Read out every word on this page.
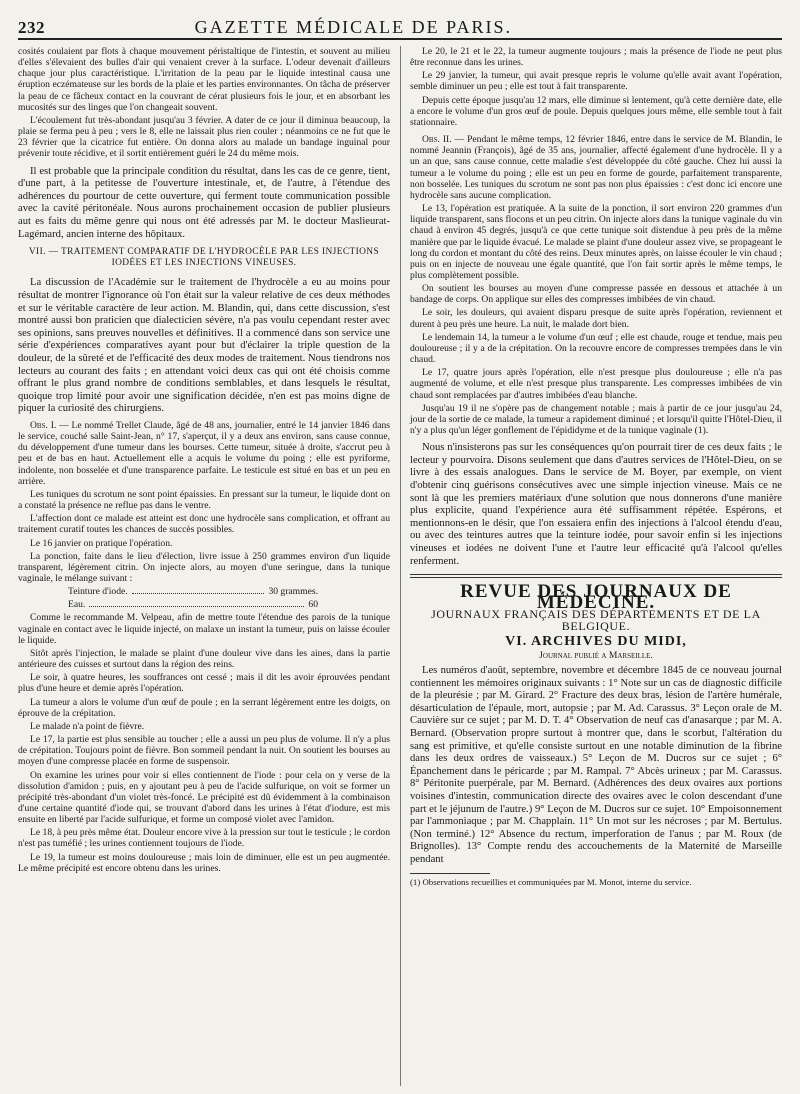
232	GAZETTE MÉDICALE DE PARIS.

cosités coulaient par flots à chaque mouvement péristaltique de l'intestin, et souvent au milieu d'elles s'élevaient des bulles d'air qui venaient crever à la surface. L'odeur devenait d'ailleurs chaque jour plus caractéristique. L'irritation de la peau par le liquide intestinal causa une éruption eczémateuse sur les bords de la plaie et les parties environnantes. On tâcha de préserver la peau de ce fâcheux contact en la couvrant de cérat plusieurs fois le jour, et en absorbant les mucosités sur des linges que l'on changeait souvent.

L'écoulement fut très-abondant jusqu'au 3 février. A dater de ce jour il diminua beaucoup, la plaie se ferma peu à peu ; vers le 8, elle ne laissait plus rien couler ; néanmoins ce ne fut que le 23 février que la cicatrice fut entière. On donna alors au malade un bandage inguinal pour prévenir toute récidive, et il sortit entièrement guéri le 24 du même mois.

Il est probable que la principale condition du résultat, dans les cas de ce genre, tient, d'une part, à la petitesse de l'ouverture intestinale, et, de l'autre, à l'étendue des adhérences du pourtour de cette ouverture, qui ferment toute communication possible avec la cavité péritonéale. Nous aurons prochainement occasion de publier plusieurs aut es faits du même genre qui nous ont été adressés par M. le docteur Maslieurat-Lagémard, ancien interne des hôpitaux.

VII. — TRAITEMENT COMPARATIF DE L'HYDROCÈLE PAR LES INJECTIONS IODÉES ET LES INJECTIONS VINEUSES.

La discussion de l'Académie sur le traitement de l'hydrocèle a eu au moins pour résultat de montrer l'ignorance où l'on était sur la valeur relative de ces deux méthodes et sur le véritable caractère de leur action. M. Blandin, qui, dans cette discussion, s'est montré aussi bon praticien que dialecticien sévère, n'a pas voulu cependant rester avec ses opinions, sans preuves nouvelles et définitives. Il a commencé dans son service une série d'expériences comparatives ayant pour but d'éclairer la triple question de la douleur, de la sûreté et de l'efficacité des deux modes de traitement. Nous tiendrons nos lecteurs au courant des faits ; en attendant voici deux cas qui ont été choisis comme offrant le plus grand nombre de conditions semblables, et dans lesquels le résultat, quoique trop limité pour avoir une signification décidée, n'en est pas moins digne de piquer la curiosité des chirurgiens.

Obs. I. — Le nommé Trellet Claude, âgé de 48 ans, journalier, entré le 14 janvier 1846 dans le service, couché salle Saint-Jean, n° 17, s'aperçut, il y a deux ans environ, sans cause connue, du développement d'une tumeur dans les bourses. Cette tumeur, située à droite, s'accrut peu à peu et de bas en haut. Actuellement elle a acquis le volume du poing ; elle est pyriforme, indolente, non bosselée et d'une transparence parfaite. Le testicule est situé en bas et un peu en arrière.

Les tuniques du scrotum ne sont point épaissies. En pressant sur la tumeur, le liquide dont on a constaté la présence ne reflue pas dans le ventre.

L'affection dont ce malade est atteint est donc une hydrocèle sans complication, et offrant au traitement curatif toutes les chances de succès possibles.

Le 16 janvier on pratique l'opération.

La ponction, faite dans le lieu d'élection, livre issue à 250 grammes environ d'un liquide transparent, légèrement citrin. On injecte alors, au moyen d'une seringue, dans la tunique vaginale, le mélange suivant :

Teinture d'iode.	30 grammes.
Eau.	60

Comme le recommande M. Velpeau, afin de mettre toute l'étendue des parois de la tunique vaginale en contact avec le liquide injecté, on malaxe un instant la tumeur, puis on laisse écouler le liquide.

Sitôt après l'injection, le malade se plaint d'une douleur vive dans les aines, dans la partie antérieure des cuisses et surtout dans la région des reins.

Le soir, à quatre heures, les souffrances ont cessé ; mais il dit les avoir éprouvées pendant plus d'une heure et demie après l'opération.

La tumeur a alors le volume d'un œuf de poule ; en la serrant légèrement entre les doigts, on éprouve de la crépitation.

Le malade n'a point de fièvre.

Le 17, la partie est plus sensible au toucher ; elle a aussi un peu plus de volume. Il n'y a plus de crépitation. Toujours point de fièvre. Bon sommeil pendant la nuit. On soutient les bourses au moyen d'une compresse placée en forme de suspensoir.

On examine les urines pour voir si elles contiennent de l'iode : pour cela on y verse de la dissolution d'amidon ; puis, en y ajoutant peu à peu de l'acide sulfurique, on voit se former un précipité très-abondant d'un violet très-foncé. Le précipité est dû évidemment à la combinaison d'une certaine quantité d'iode qui, se trouvant d'abord dans les urines à l'état d'iodure, est mis ensuite en liberté par l'acide sulfurique, et forme un composé violet avec l'amidon.

Le 18, à peu près même état. Douleur encore vive à la pression sur tout le testicule ; le cordon n'est pas tuméfié ; les urines contiennent toujours de l'iode.

Le 19, la tumeur est moins douloureuse ; mais loin de diminuer, elle est un peu augmentée. Le même précipité est encore obtenu dans les urines.

Le 20, le 21 et le 22, la tumeur augmente toujours ; mais la présence de l'iode ne peut plus être reconnue dans les urines.

Le 29 janvier, la tumeur, qui avait presque repris le volume qu'elle avait avant l'opération, semble diminuer un peu ; elle est tout à fait transparente.

Depuis cette époque jusqu'au 12 mars, elle diminue si lentement, qu'à cette dernière date, elle a encore le volume d'un gros œuf de poule. Depuis quelques jours même, elle semble tout à fait stationnaire.

Obs. II. — Pendant le même temps, 12 février 1846, entre dans le service de M. Blandin, le nommé Jeannin (François), âgé de 35 ans, journalier, affecté également d'une hydrocèle. Il y a un an que, sans cause connue, cette maladie s'est développée du côté gauche. Chez lui aussi la tumeur a le volume du poing ; elle est un peu en forme de gourde, parfaitement transparente, non bosselée. Les tuniques du scrotum ne sont pas non plus épaissies : c'est donc ici encore une hydrocèle sans aucune complication.

Le 13, l'opération est pratiquée. A la suite de la ponction, il sort environ 220 grammes d'un liquide transparent, sans flocons et un peu citrin. On injecte alors dans la tunique vaginale du vin chaud à environ 45 degrés, jusqu'à ce que cette tunique soit distendue à peu près de la même manière que par le liquide évacué. Le malade se plaint d'une douleur assez vive, se propageant le long du cordon et montant du côté des reins. Deux minutes après, on laisse écouler le vin chaud ; puis on en injecte de nouveau une égale quantité, que l'on fait sortir après le même temps, le plus complètement possible.

On soutient les bourses au moyen d'une compresse passée en dessous et attachée à un bandage de corps. On applique sur elles des compresses imbibées de vin chaud.

Le soir, les douleurs, qui avaient disparu presque de suite après l'opération, reviennent et durent à peu près une heure. La nuit, le malade dort bien.

Le lendemain 14, la tumeur a le volume d'un œuf ; elle est chaude, rouge et tendue, mais peu douloureuse ; il y a de la crépitation. On la recouvre encore de compresses trempées dans le vin chaud.

Le 17, quatre jours après l'opération, elle n'est presque plus douloureuse ; elle n'a pas augmenté de volume, et elle n'est presque plus transparente. Les compresses imbibées de vin chaud sont remplacées par d'autres imbibées d'eau blanche.

Jusqu'au 19 il ne s'opère pas de changement notable ; mais à partir de ce jour jusqu'au 24, jour de la sortie de ce malade, la tumeur a rapidement diminué ; et lorsqu'il quitte l'Hôtel-Dieu, il n'y a plus qu'un léger gonflement de l'épididyme et de la tunique vaginale (1).

Nous n'insisterons pas sur les conséquences qu'on pourrait tirer de ces deux faits ; le lecteur y pourvoira. Disons seulement que dans d'autres services de l'Hôtel-Dieu, on se livre à des essais analogues. Dans le service de M. Boyer, par exemple, on vient d'obtenir cinq guérisons consécutives avec une simple injection vineuse. Mais ce ne sont là que les premiers matériaux d'une solution que nous donnerons d'une manière plus explicite, quand l'expérience aura été suffisamment répétée. Espérons, et mentionnons-en le désir, que l'on essaiera enfin des injections à l'alcool étendu d'eau, ou avec des teintures autres que la teinture iodée, pour savoir enfin si les injections vineuses et iodées ne doivent l'une et l'autre leur efficacité qu'à l'alcool qu'elles renferment.

REVUE DES JOURNAUX DE MÉDECINE.
JOURNAUX FRANÇAIS DES DÉPARTEMENTS ET DE LA BELGIQUE.
VI. ARCHIVES DU MIDI,
Journal publié a Marseille.

Les numéros d'août, septembre, novembre et décembre 1845 de ce nouveau journal contiennent les mémoires originaux suivants : 1° Note sur un cas de diagnostic difficile de la pleurésie ; par M. Girard. 2° Fracture des deux bras, lésion de l'artère humérale, désarticulation de l'épaule, mort, autopsie ; par M. Ad. Carassus. 3° Leçon orale de M. Cauvière sur ce sujet ; par M. D. T. 4° Observation de neuf cas d'anasarque ; par M. A. Bernard. (Observation propre surtout à montrer que, dans le scorbut, l'altération du sang est primitive, et qu'elle consiste surtout en une notable diminution de la fibrine dans les deux ordres de vaisseaux.) 5° Leçon de M. Ducros sur ce sujet ; 6° Épanchement dans le péricarde ; par M. Rampal. 7° Abcès urineux ; par M. Carassus. 8° Péritonite puerpérale, par M. Bernard. (Adhérences des deux ovaires aux portions voisines d'intestin, communication directe des ovaires avec le colon descendant d'une part et le jéjunum de l'autre.) 9° Leçon de M. Ducros sur ce sujet. 10° Empoisonnement par l'ammoniaque ; par M. Chapplain. 11° Un mot sur les nécroses ; par M. Bertulus. (Non terminé.) 12° Absence du rectum, imperforation de l'anus ; par M. Roux (de Brignolles). 13° Compte rendu des accouchements de la Maternité de Marseille pendant

(1) Observations recueillies et communiquées par M. Monot, interne du service.
